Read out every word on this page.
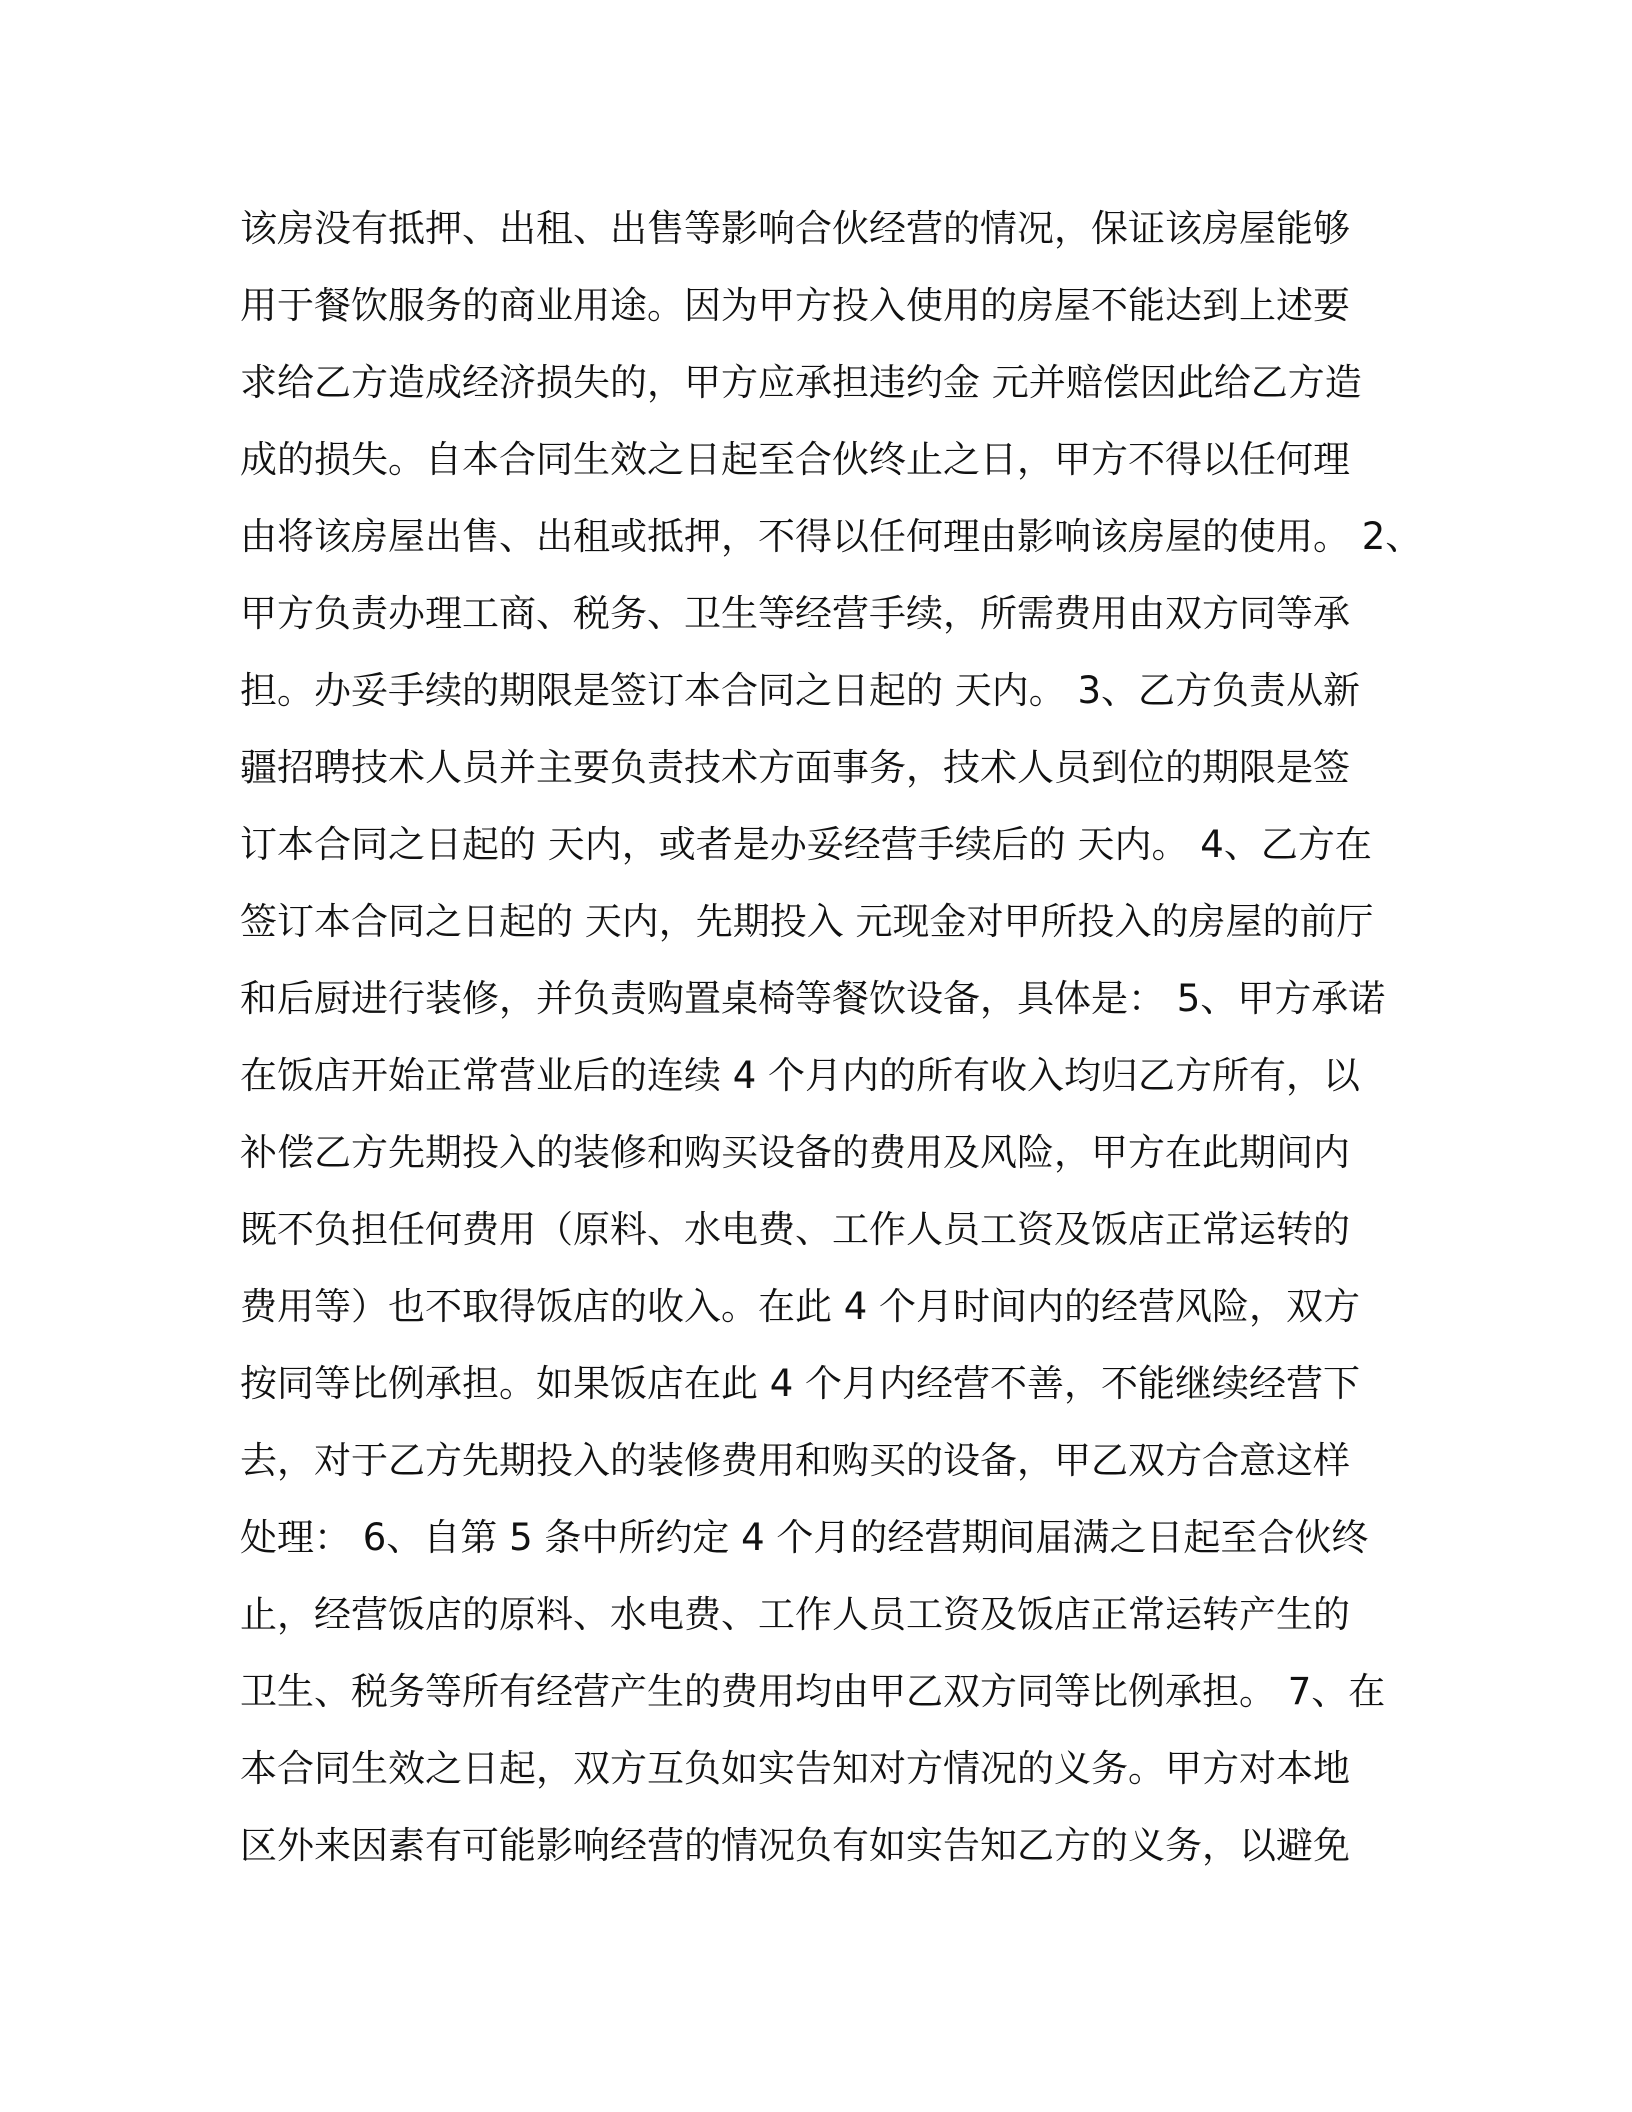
该房没有抵押、出租、出售等影响合伙经营的情况，保证该房屋能够
用于餐饮服务的商业用途。因为甲方投入使用的房屋不能达到上述要
求给乙方造成经济损失的，甲方应承担违约金 元并赔偿因此给乙方造
成的损失。自本合同生效之日起至合伙终止之日，甲方不得以任何理
由将该房屋出售、出租或抵押，不得以任何理由影响该房屋的使用。 2、
甲方负责办理工商、税务、卫生等经营手续，所需费用由双方同等承
担。办妥手续的期限是签订本合同之日起的 天内。 3、乙方负责从新
疆招聘技术人员并主要负责技术方面事务，技术人员到位的期限是签
订本合同之日起的 天内，或者是办妥经营手续后的 天内。 4、乙方在
签订本合同之日起的 天内，先期投入 元现金对甲所投入的房屋的前厅
和后厨进行装修，并负责购置桌椅等餐饮设备，具体是： 5、甲方承诺
在饭店开始正常营业后的连续 4 个月内的所有收入均归乙方所有，以
补偿乙方先期投入的装修和购买设备的费用及风险，甲方在此期间内
既不负担任何费用（原料、水电费、工作人员工资及饭店正常运转的
费用等）也不取得饭店的收入。在此 4 个月时间内的经营风险，双方
按同等比例承担。如果饭店在此 4 个月内经营不善，不能继续经营下
去，对于乙方先期投入的装修费用和购买的设备，甲乙双方合意这样
处理： 6、自第 5 条中所约定 4 个月的经营期间届满之日起至合伙终
止，经营饭店的原料、水电费、工作人员工资及饭店正常运转产生的
卫生、税务等所有经营产生的费用均由甲乙双方同等比例承担。 7、在
本合同生效之日起，双方互负如实告知对方情况的义务。甲方对本地
区外来因素有可能影响经营的情况负有如实告知乙方的义务，以避免
